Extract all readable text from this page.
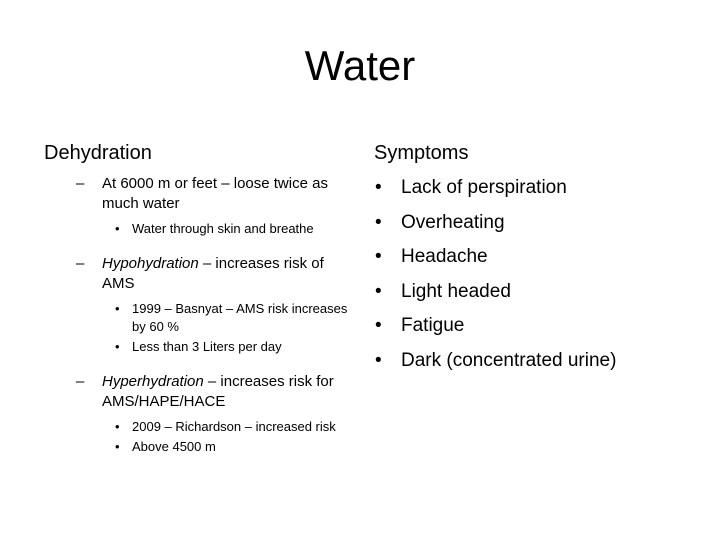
Water
Dehydration	Symptoms
– At 6000 m or feet – loose twice as much water
• Water through skin and breathe
– Hypohydration – increases risk of AMS
• 1999 – Basnyat – AMS risk increases by 60 %
• Less than 3 Liters per day
– Hyperhydration – increases risk for AMS/HAPE/HACE
• 2009 – Richardson – increased risk
• Above 4500 m
• Lack of perspiration
• Overheating
• Headache
• Light headed
• Fatigue
• Dark (concentrated urine)
